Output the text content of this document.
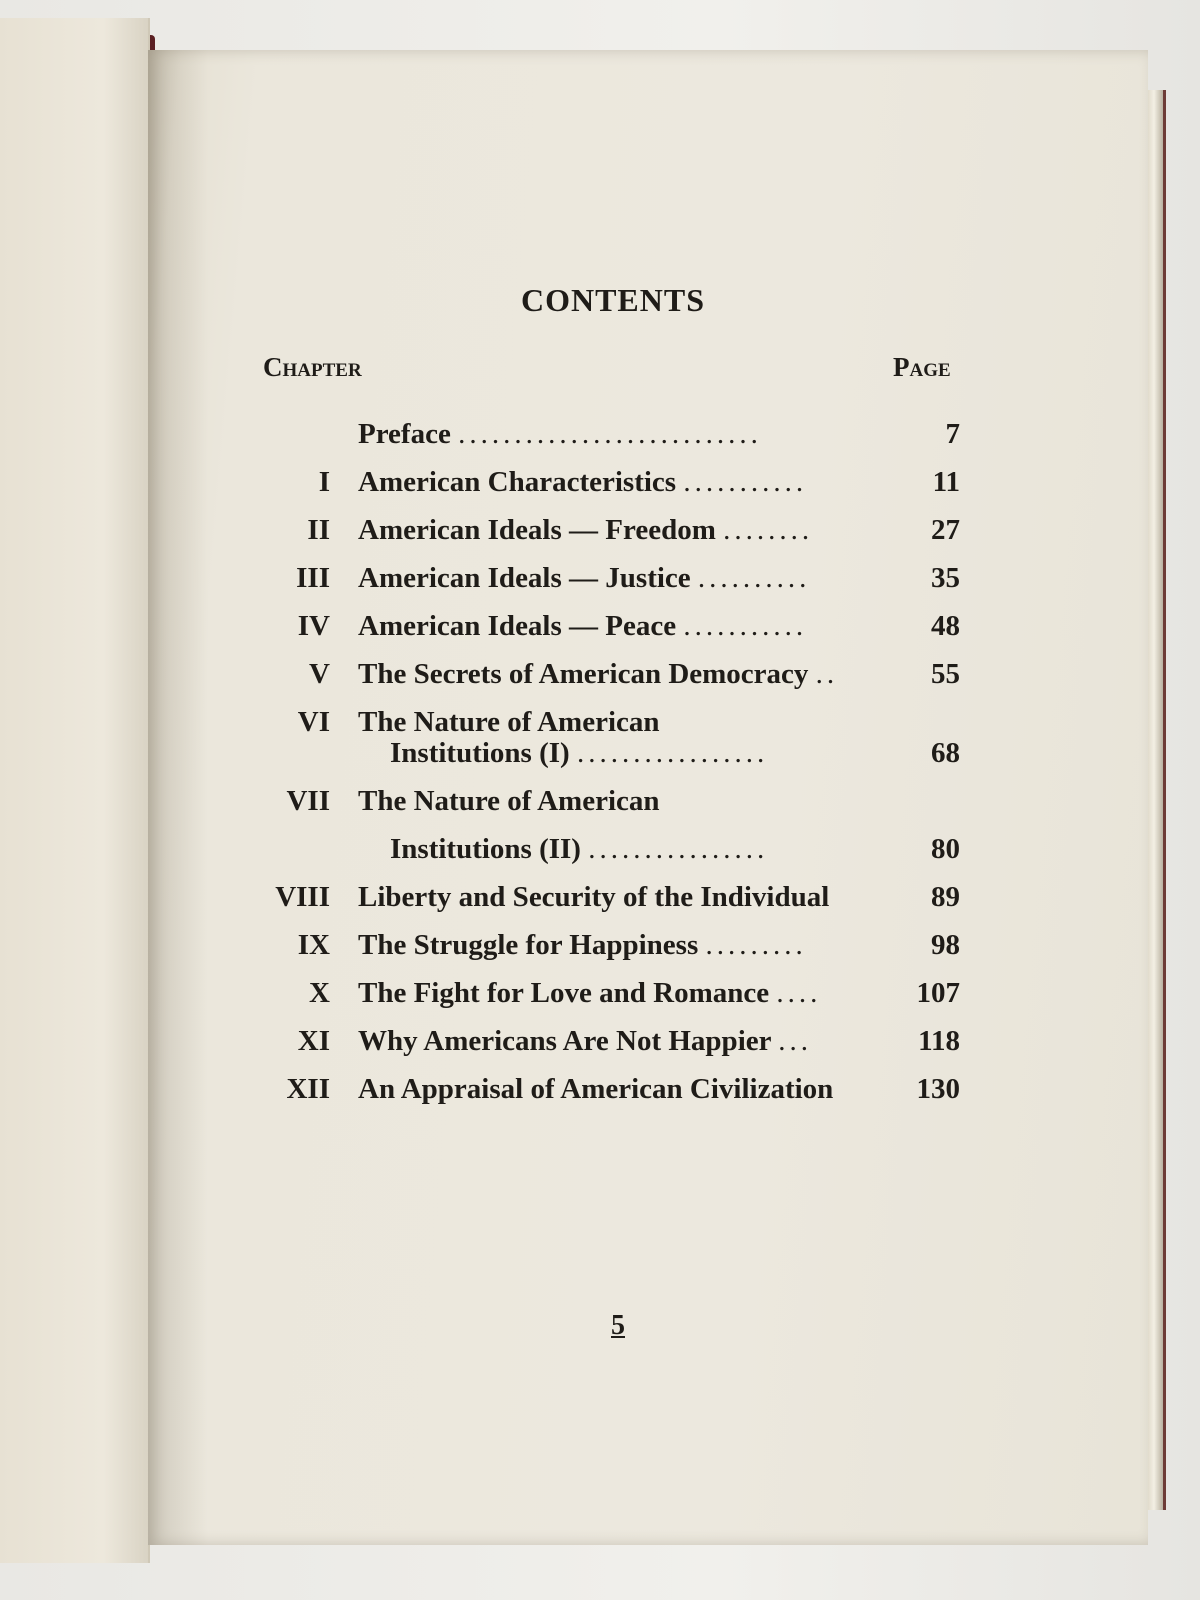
CONTENTS
Chapter	Page
Preface ...........................	7
I American Characteristics ...........	11
II American Ideals — Freedom ........	27
III American Ideals — Justice ..........	35
IV American Ideals — Peace ...........	48
V The Secrets of American Democracy ..	55
VI The Nature of American
Institutions (I) .................	68
VII The Nature of American
Institutions (II) ................	80
VIII Liberty and Security of the Individual	89
IX The Struggle for Happiness .........	98
X The Fight for Love and Romance ....	107
XI Why Americans Are Not Happier ...	118
XII An Appraisal of American Civilization	130
5
